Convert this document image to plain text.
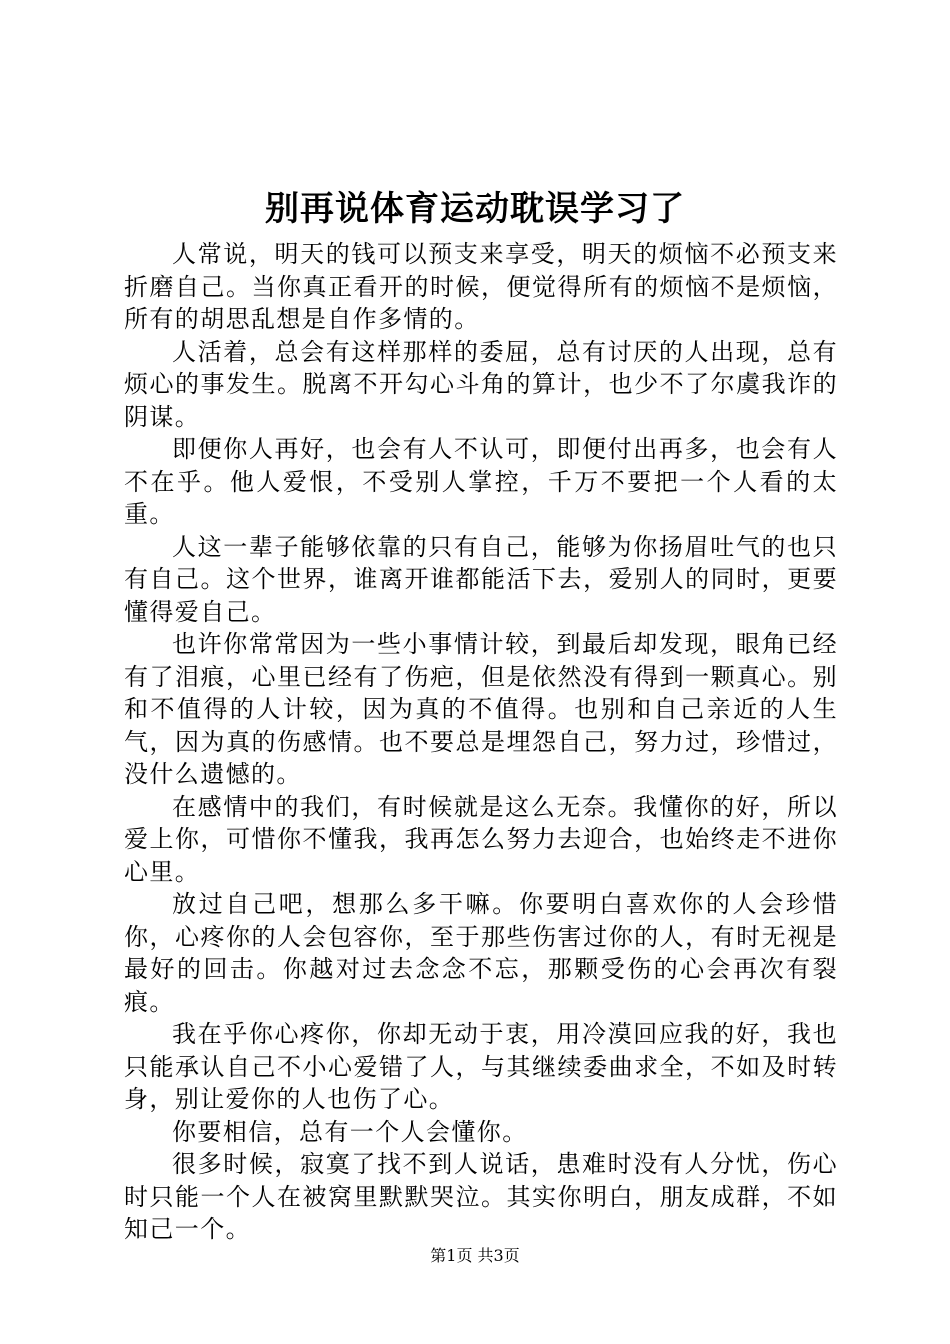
别再说体育运动耽误学习了

人常说，明天的钱可以预支来享受，明天的烦恼不必预支来折磨自己。当你真正看开的时候，便觉得所有的烦恼不是烦恼，所有的胡思乱想是自作多情的。

人活着，总会有这样那样的委屈，总有讨厌的人出现，总有烦心的事发生。脱离不开勾心斗角的算计，也少不了尔虞我诈的阴谋。

即便你人再好，也会有人不认可，即便付出再多，也会有人不在乎。他人爱恨，不受别人掌控，千万不要把一个人看的太重。

人这一辈子能够依靠的只有自己，能够为你扬眉吐气的也只有自己。这个世界，谁离开谁都能活下去，爱别人的同时，更要懂得爱自己。

也许你常常因为一些小事情计较，到最后却发现，眼角已经有了泪痕，心里已经有了伤疤，但是依然没有得到一颗真心。别和不值得的人计较，因为真的不值得。也别和自己亲近的人生气，因为真的伤感情。也不要总是埋怨自己，努力过，珍惜过，没什么遗憾的。

在感情中的我们，有时候就是这么无奈。我懂你的好，所以爱上你，可惜你不懂我，我再怎么努力去迎合，也始终走不进你心里。

放过自己吧，想那么多干嘛。你要明白喜欢你的人会珍惜你，心疼你的人会包容你，至于那些伤害过你的人，有时无视是最好的回击。你越对过去念念不忘，那颗受伤的心会再次有裂痕。

我在乎你心疼你，你却无动于衷，用冷漠回应我的好，我也只能承认自己不小心爱错了人，与其继续委曲求全，不如及时转身，别让爱你的人也伤了心。

你要相信，总有一个人会懂你。

很多时候，寂寞了找不到人说话，患难时没有人分忧，伤心时只能一个人在被窝里默默哭泣。其实你明白，朋友成群，不如知己一个。

第1页 共3页
